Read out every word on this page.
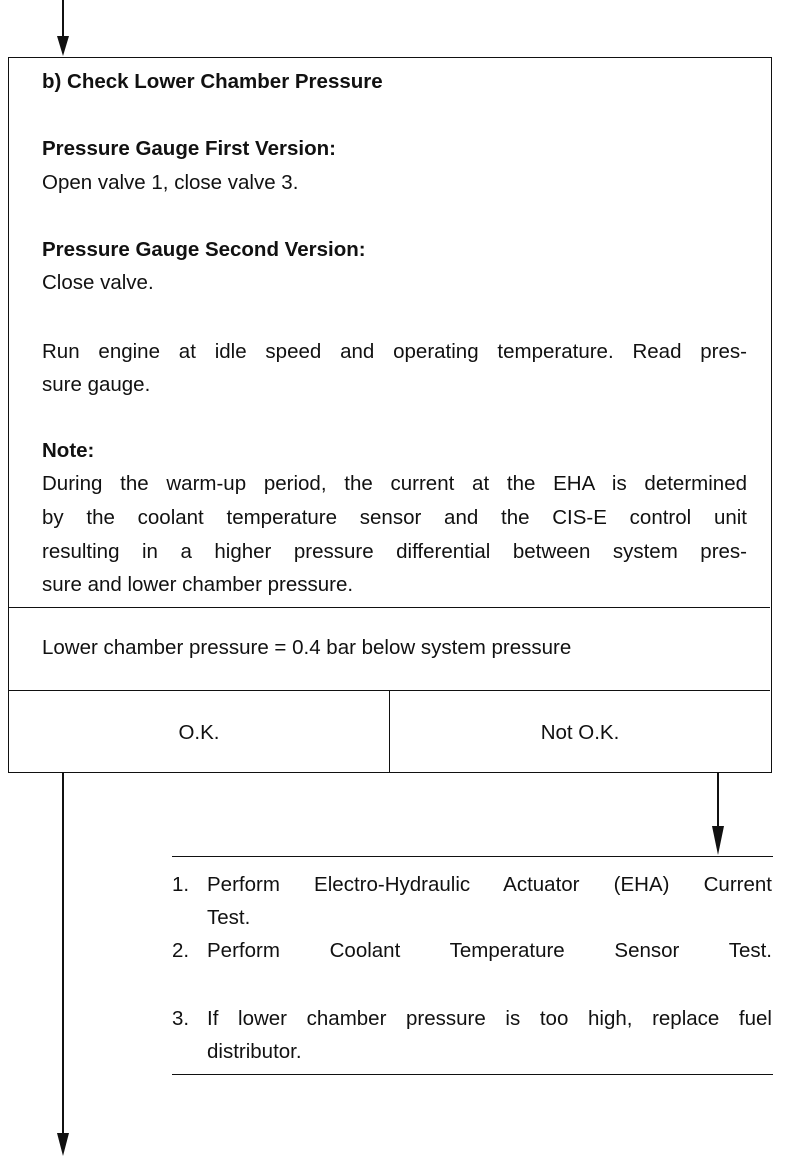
b) Check Lower Chamber Pressure
Pressure Gauge First Version:
Open valve 1, close valve 3.
Pressure Gauge Second Version:
Close valve.
Run engine at idle speed and operating temperature. Read pres-
sure gauge.
Note:
During the warm-up period, the current at the EHA is determined
by the coolant temperature sensor and the CIS-E control unit
resulting in a higher pressure differential between system pres-
sure and lower chamber pressure.
Lower chamber pressure = 0.4 bar below system pressure
O.K.	Not O.K.
1. Perform Electro-Hydraulic Actuator (EHA) Current
Test.
2. Perform Coolant Temperature Sensor Test.
3. If lower chamber pressure is too high, replace fuel
distributor.
